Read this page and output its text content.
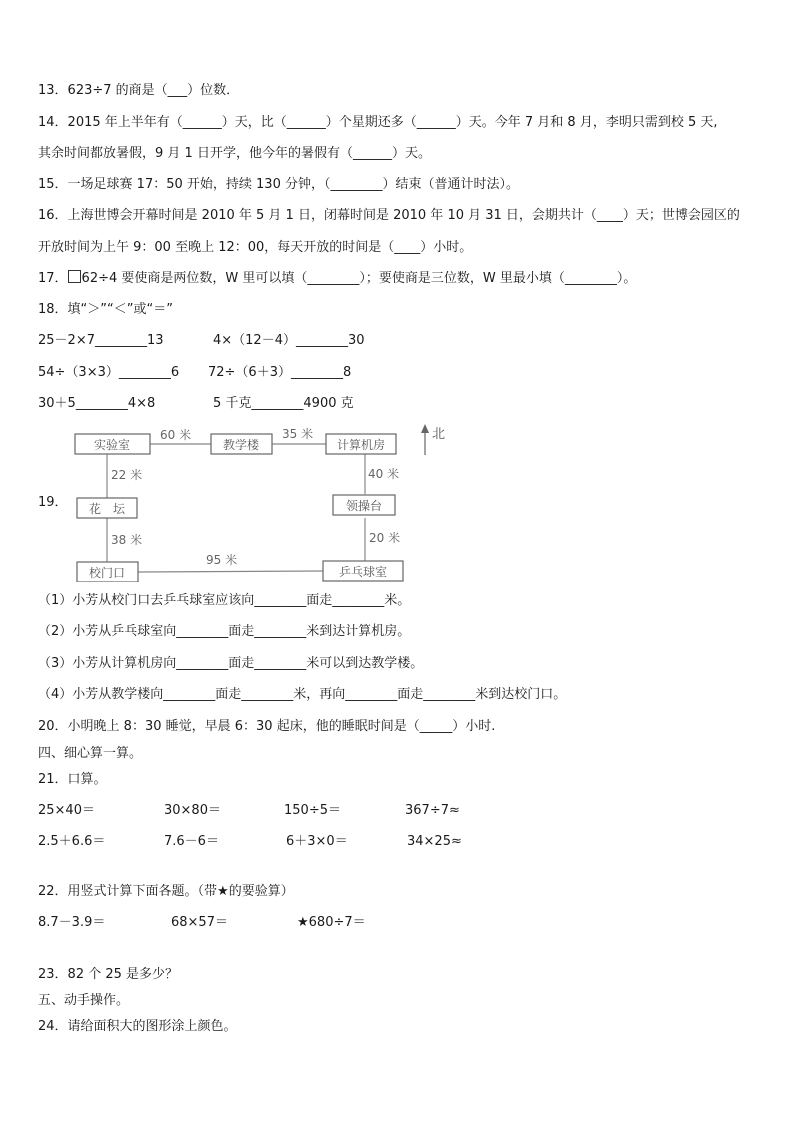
13．623÷7 的商是（___）位数．
14．2015 年上半年有（______）天，比（______）个星期还多（______）天。今年 7 月和 8 月，李明只需到校 5 天,
其余时间都放暑假，9 月 1 日开学，他今年的暑假有（______）天。
15．一场足球赛 17：50 开始，持续 130 分钟，（________）结束（普通计时法）。
16．上海世博会开幕时间是 2010 年 5 月 1 日，闭幕时间是 2010 年 10 月 31 日，会期共计（____）天；世博会园区的
开放时间为上午 9：00 至晚上 12：00，每天开放的时间是（____）小时。
17． 62÷4 要使商是两位数，W 里可以填（________）；要使商是三位数，W 里最小填（________）。
18．填“＞”“＜”或“＝”
25－2×7________13	4×（12－4）________30
54÷（3×3）________6 72÷（6＋3）________8
30＋5________4×8	5 千克________4900 克
19．
实验室	教学楼	计算机房
花　坛	领操台
校门口	乒乓球室
60 米	35 米
22 米	40 米
38 米	20 米
95 米
北
（1）小芳从校门口去乒乓球室应该向________面走________米。
（2）小芳从乒乓球室向________面走________米到达计算机房。
（3）小芳从计算机房向________面走________米可以到达教学楼。
（4）小芳从教学楼向________面走________米，再向________面走________米到达校门口。
20．小明晚上 8：30 睡觉，早晨 6：30 起床，他的睡眠时间是（_____）小时.
四、细心算一算。
21．口算。
25×40＝	30×80＝	150÷5＝	367÷7≈
2.5＋6.6＝	7.6－6＝	6＋3×0＝	34×25≈
22．用竖式计算下面各题。（带★的要验算）
8.7－3.9＝	68×57＝	★680÷7＝
23．82 个 25 是多少？
五、动手操作。
24．请给面积大的图形涂上颜色。
